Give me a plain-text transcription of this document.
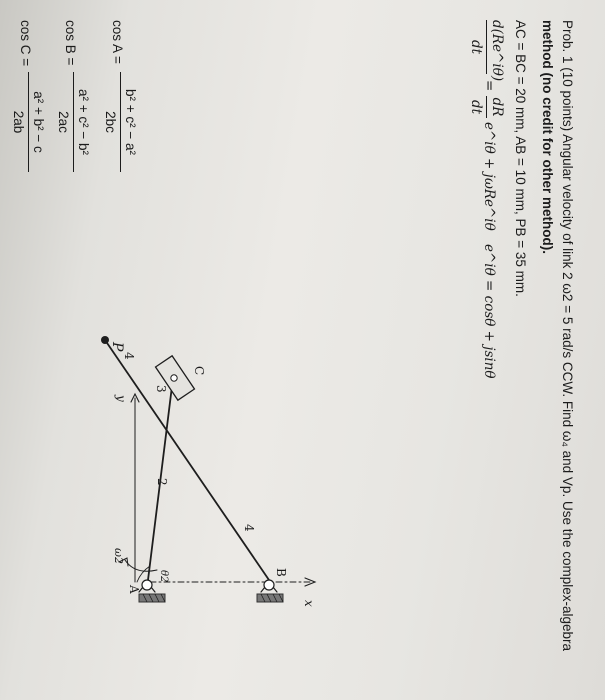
Prob. 1 (10 points) Angular velocity of link 2 ω2 = 5 rad/s CCW. Find ω₄ and Vp. Use the complex-algebra
method (no credit for other method).
AC = BC = 20 mm, AB = 10 mm, PB = 35 mm.
d(Re^iθ)
dt
=
dR
dt
e^iθ + jωRe^iθ
e^iθ = cosθ + jsinθ
cos A =
b² + c² − a²
2bc
cos B =
a² + c² − b²
2ac
cos C =
a² + b² − c
2ab
P
C
A
B
2
3
4
4
ω2
θ2
y
x
